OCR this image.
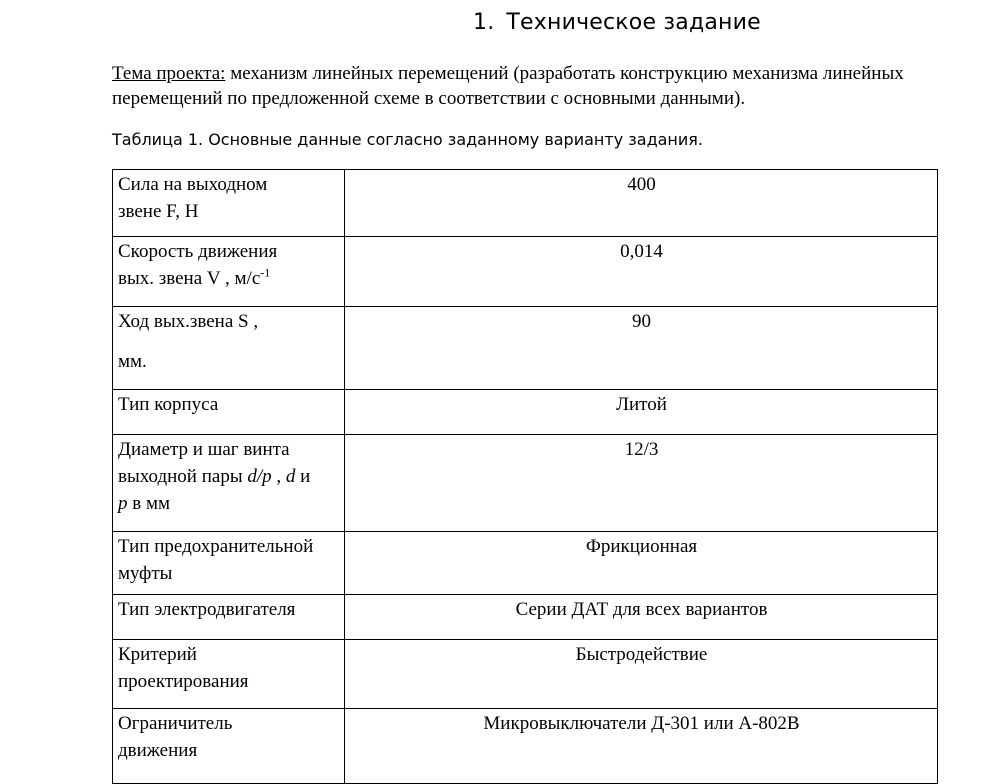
1. Техническое задание
Тема проекта: механизм линейных перемещений (разработать конструкцию механизма линейных перемещений по предложенной схеме в соответствии с основными данными).
Таблица 1. Основные данные согласно заданному варианту задания.
Сила на выходном
звене F, Н	400
Скорость движения
вых. звена V , $м/с^{-1}$	0,014
Ход вых.звена S ,
мм.	90
Тип корпуса	Литой
Диаметр и шаг винта
выходной пары d/p , d и
p в мм	12/3
Тип предохранительной
муфты	Фрикционная
Тип электродвигателя	Серии ДАТ для всех вариантов
Критерий
проектирования	Быстродействие
Ограничитель
движения	Микровыключатели Д-301 или А-802В
